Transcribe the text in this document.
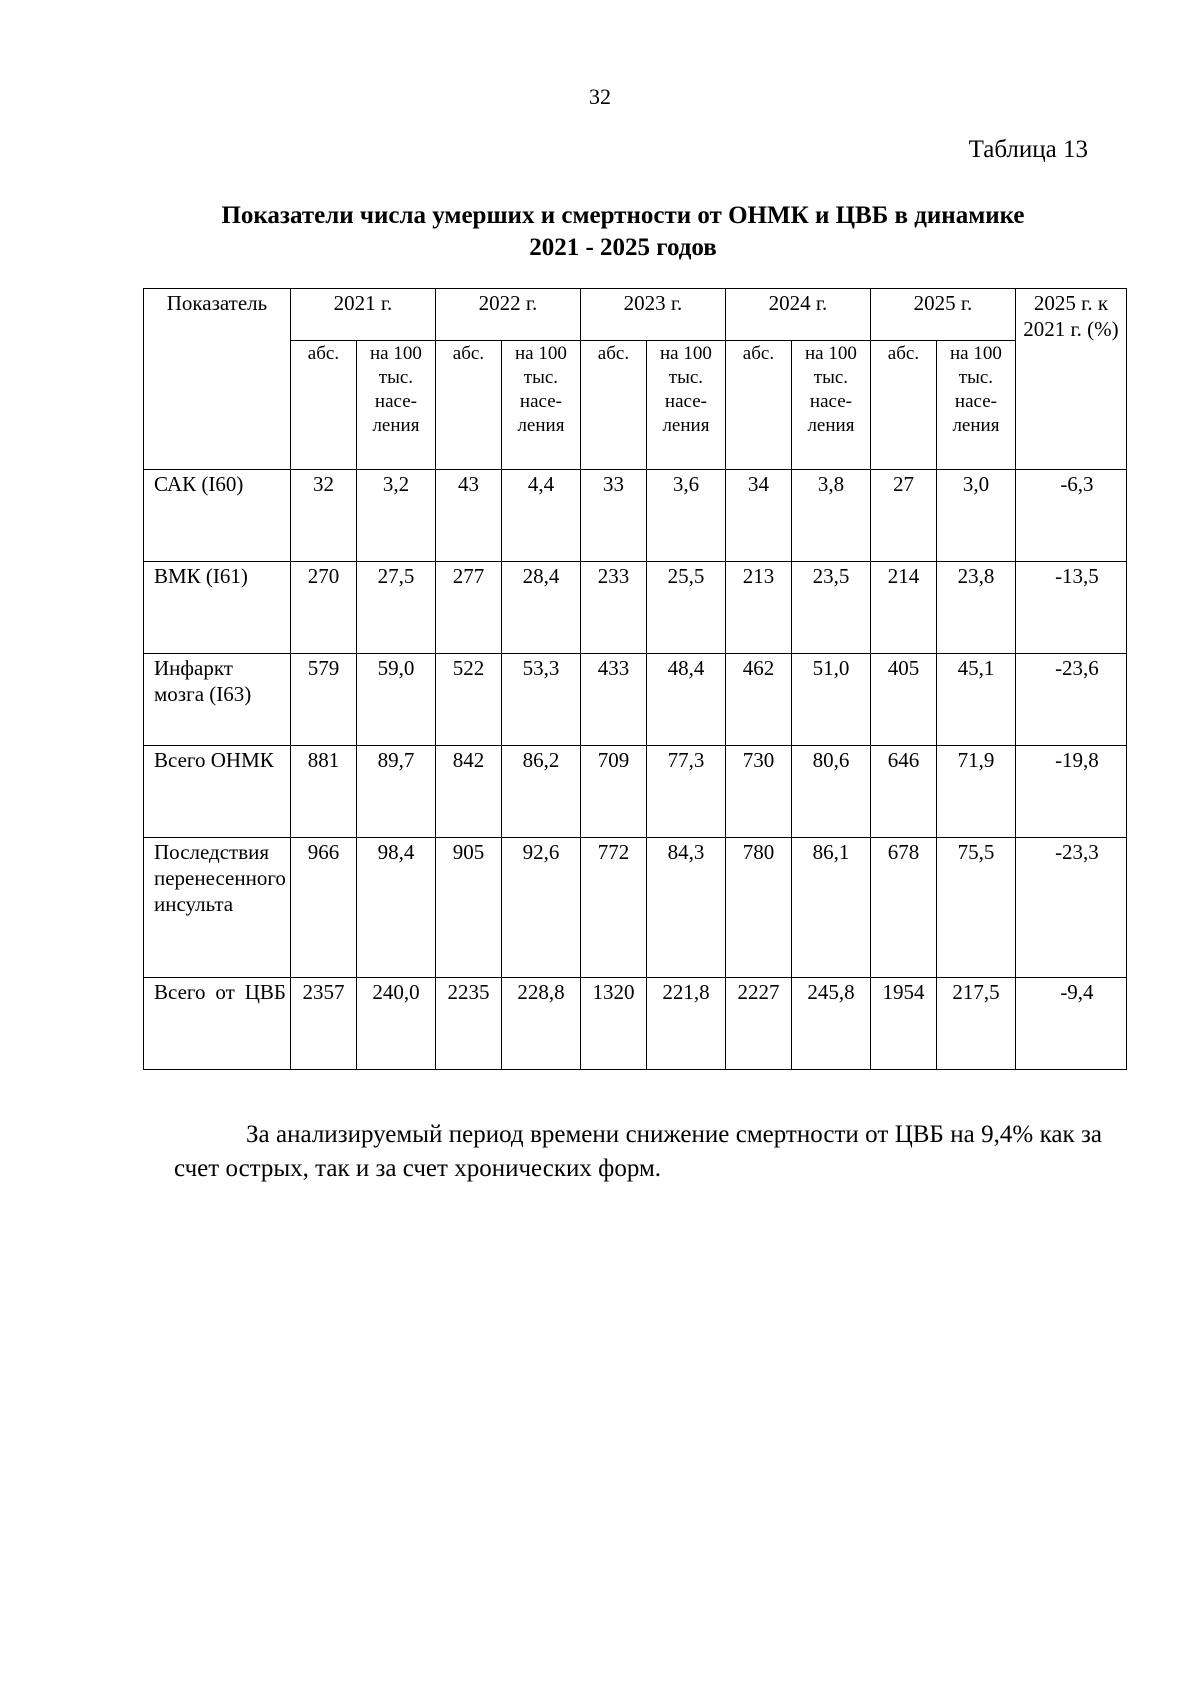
32
Таблица 13
Показатели числа умерших и смертности от ОНМК и ЦВБ в динамике
2021 - 2025 годов
Показатель	2021 г.		2022 г.		2023 г.		2024 г.		2025 г.		2025 г. к 2021 г. (%)
	абс.	на 100 тыс. насе-ления	абс.	на 100 тыс. насе-ления	абс.	на 100 тыс. насе-ления	абс.	на 100 тыс. насе-ления	абс.	на 100 тыс. насе-ления	
САК (I60)	32	3,2	43	4,4	33	3,6	34	3,8	27	3,0	-6,3
ВМК (I61)	270	27,5	277	28,4	233	25,5	213	23,5	214	23,8	-13,5
Инфаркт мозга (I63)	579	59,0	522	53,3	433	48,4	462	51,0	405	45,1	-23,6
Всего ОНМК	881	89,7	842	86,2	709	77,3	730	80,6	646	71,9	-19,8
Последствия перенесенного инсульта	966	98,4	905	92,6	772	84,3	780	86,1	678	75,5	-23,3
Всего от ЦВБ	2357	240,0	2235	228,8	1320	221,8	2227	245,8	1954	217,5	-9,4
За анализируемый период времени снижение смертности от ЦВБ на 9,4% как за счет острых, так и за счет хронических форм.
